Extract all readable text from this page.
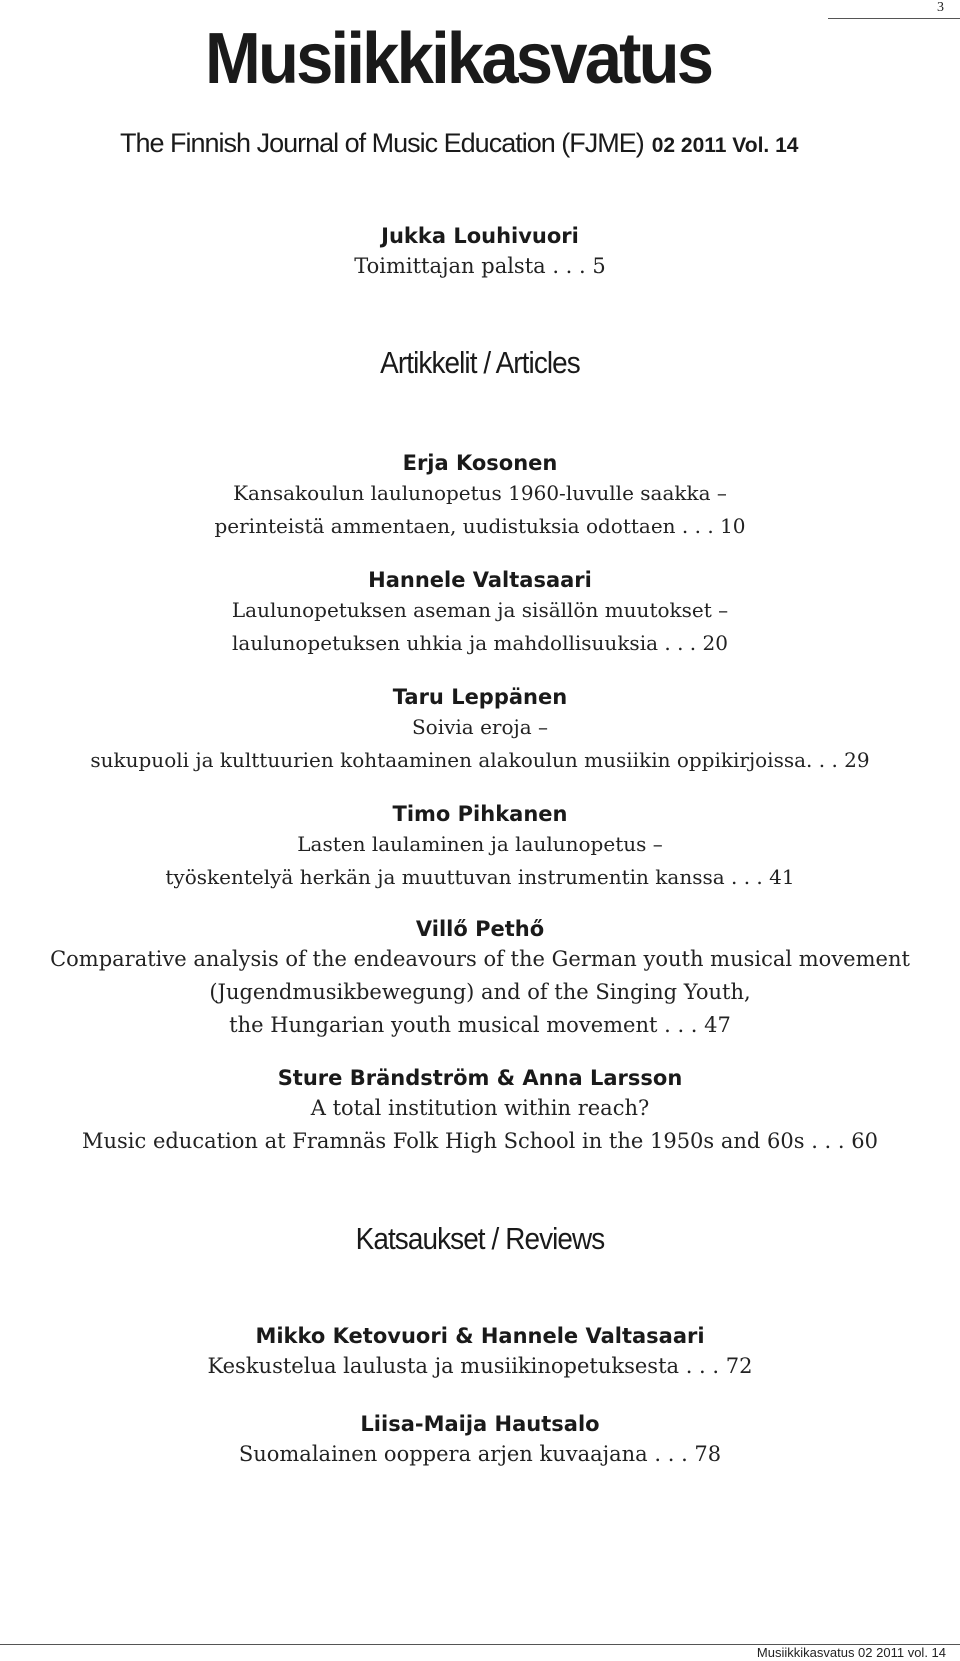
3
Musiikkikasvatus
The Finnish Journal of Music Education (FJME) 02 2011 Vol. 14
Jukka Louhivuori
Toimittajan palsta . . . 5
Artikkelit / Articles
Erja Kosonen
Kansakoulun laulunopetus 1960-luvulle saakka –
perinteistä ammentaen, uudistuksia odottaen . . . 10
Hannele Valtasaari
Laulunopetuksen aseman ja sisällön muutokset –
laulunopetuksen uhkia ja mahdollisuuksia . . . 20
Taru Leppänen
Soivia eroja –
sukupuoli ja kulttuurien kohtaaminen alakoulun musiikin oppikirjoissa. . . 29
Timo Pihkanen
Lasten laulaminen ja laulunopetus –
työskentelyä herkän ja muuttuvan instrumentin kanssa . . . 41
Villő Pethő
Comparative analysis of the endeavours of the German youth musical movement
(Jugendmusikbewegung) and of the Singing Youth,
the Hungarian youth musical movement . . . 47
Sture Brändström & Anna Larsson
A total institution within reach?
Music education at Framnäs Folk High School in the 1950s and 60s . . . 60
Katsaukset / Reviews
Mikko Ketovuori & Hannele Valtasaari
Keskustelua laulusta ja musiikinopetuksesta . . . 72
Liisa-Maija Hautsalo
Suomalainen ooppera arjen kuvaajana . . . 78
Musiikkikasvatus 02 2011 vol. 14
